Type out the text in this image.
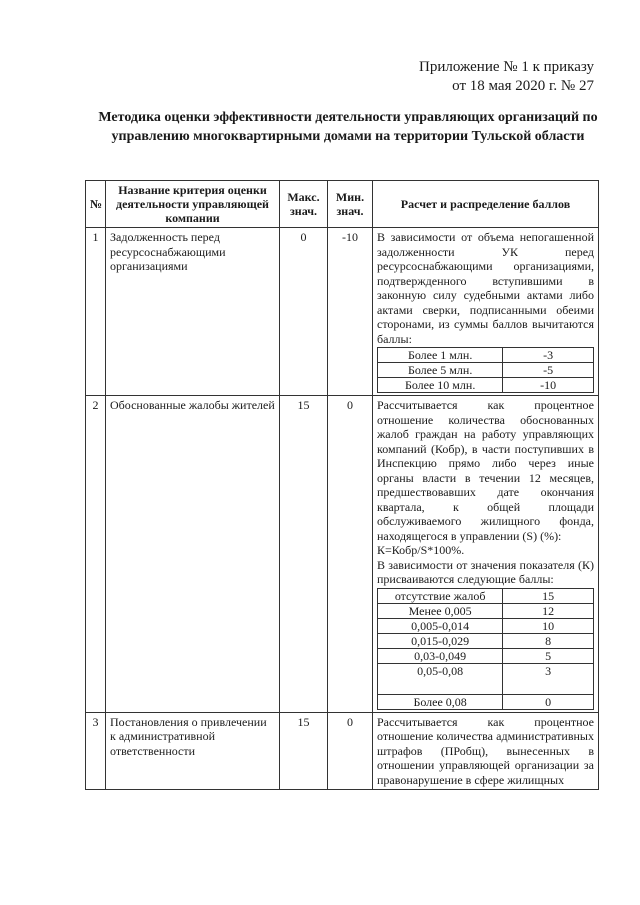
Приложение № 1 к приказу
от 18 мая 2020 г. № 27
Методика оценки эффективности деятельности управляющих организаций по управлению многоквартирными домами на территории Тульской области
№	Название критерия оценки деятельности управляющей компании	Макс. знач.	Мин. знач.	Расчет и распределение баллов
1	Задолженность перед ресурсоснабжающими организациями	0	-10	В зависимости от объема непогашенной задолженности УК перед ресурсоснабжающими организациями, подтвержденного вступившими в законную силу судебными актами либо актами сверки, подписанными обеими сторонами, из суммы баллов вычитаются баллы:
Более 1 млн.	-3
Более 5 млн.	-5
Более 10 млн.	-10

2	Обоснованные жалобы жителей	15	0	Рассчитывается как процентное отношение количества обоснованных жалоб граждан на работу управляющих компаний (Кобр), в части поступивших в Инспекцию прямо либо через иные органы власти в течении 12 месяцев, предшествовавших дате окончания квартала, к общей площади обслуживаемого жилищного фонда, находящегося в управлении (S) (%):
К=Кобр/S*100%.
В зависимости от значения показателя (К) присваиваются следующие баллы:
отсутствие жалоб	15
Менее 0,005	12
0,005-0,014	10
0,015-0,029	8
0,03-0,049	5
0,05-0,08	3
Более 0,08	0

3	Постановления о привлечении к административной ответственности	15	0	Рассчитывается как процентное отношение количества административных штрафов (ПРобщ), вынесенных в отношении управляющей организации за правонарушение в сфере жилищных
